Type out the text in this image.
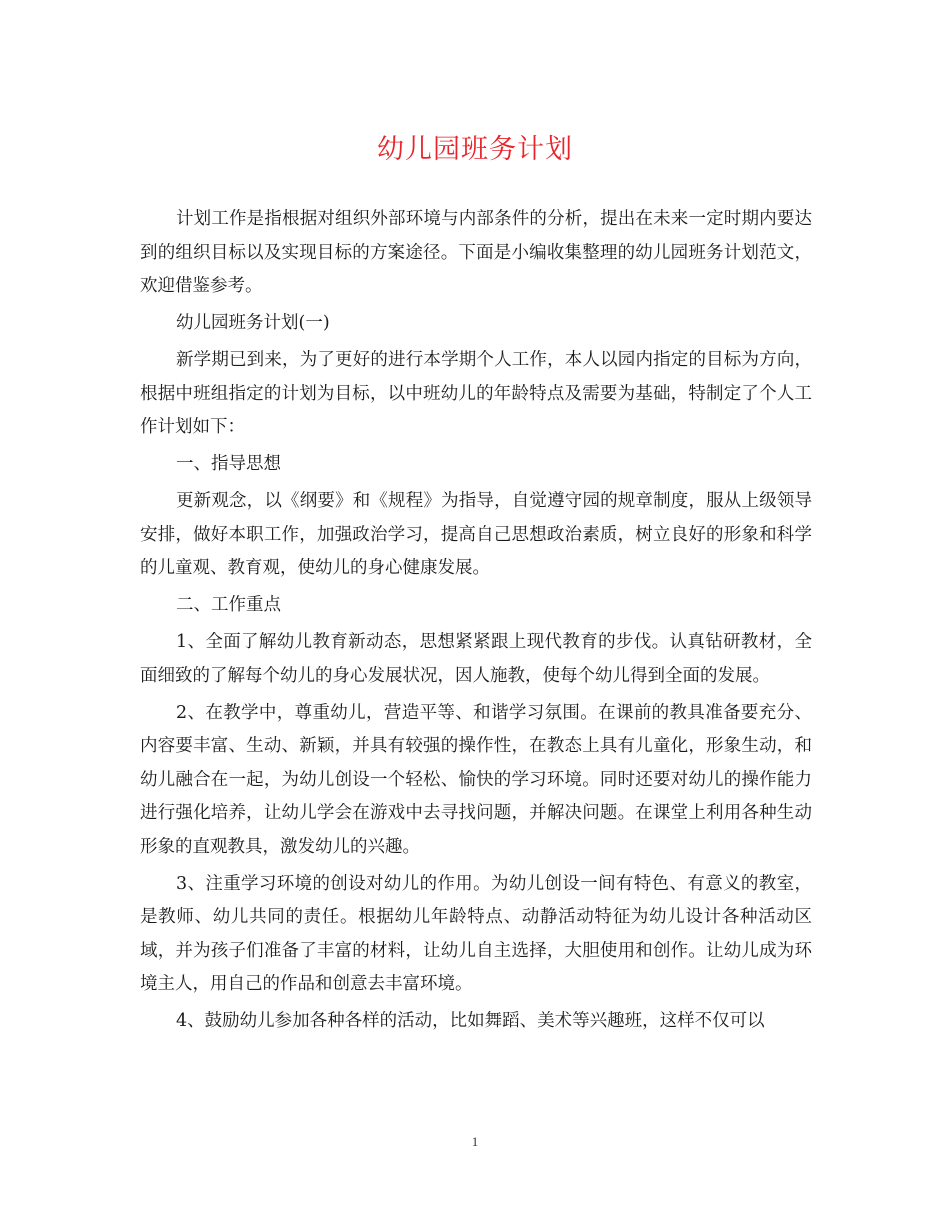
幼儿园班务计划

计划工作是指根据对组织外部环境与内部条件的分析，提出在未来一定时期内要达到的组织目标以及实现目标的方案途径。下面是小编收集整理的幼儿园班务计划范文，欢迎借鉴参考。

幼儿园班务计划(一)

新学期已到来，为了更好的进行本学期个人工作，本人以园内指定的目标为方向，根据中班组指定的计划为目标，以中班幼儿的年龄特点及需要为基础，特制定了个人工作计划如下：

一、指导思想

更新观念，以《纲要》和《规程》为指导，自觉遵守园的规章制度，服从上级领导安排，做好本职工作，加强政治学习，提高自己思想政治素质，树立良好的形象和科学的儿童观、教育观，使幼儿的身心健康发展。

二、工作重点

1、全面了解幼儿教育新动态，思想紧紧跟上现代教育的步伐。认真钻研教材，全面细致的了解每个幼儿的身心发展状况，因人施教，使每个幼儿得到全面的发展。

2、在教学中，尊重幼儿，营造平等、和谐学习氛围。在课前的教具准备要充分、内容要丰富、生动、新颖，并具有较强的操作性，在教态上具有儿童化，形象生动，和幼儿融合在一起，为幼儿创设一个轻松、愉快的学习环境。同时还要对幼儿的操作能力进行强化培养，让幼儿学会在游戏中去寻找问题，并解决问题。在课堂上利用各种生动形象的直观教具，激发幼儿的兴趣。

3、注重学习环境的创设对幼儿的作用。为幼儿创设一间有特色、有意义的教室，是教师、幼儿共同的责任。根据幼儿年龄特点、动静活动特征为幼儿设计各种活动区域，并为孩子们准备了丰富的材料，让幼儿自主选择，大胆使用和创作。让幼儿成为环境主人，用自己的作品和创意去丰富环境。

4、鼓励幼儿参加各种各样的活动，比如舞蹈、美术等兴趣班，这样不仅可以

1
